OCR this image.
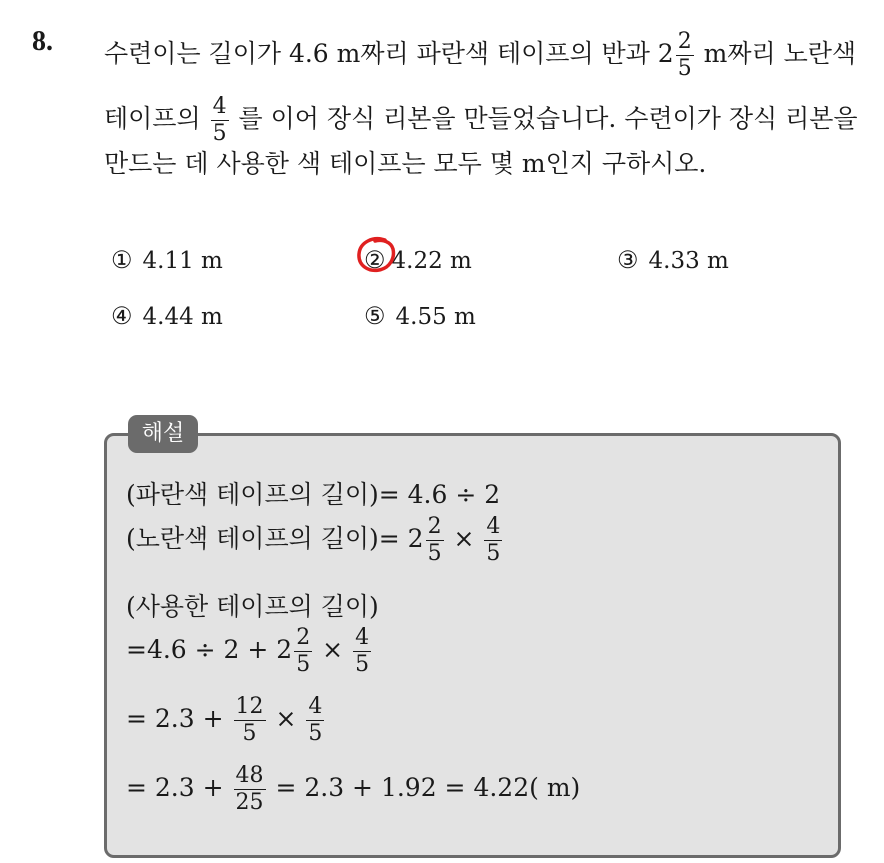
8. 수련이는 길이가 4.6 m짜리 파란색 테이프의 반과 $2 \frac{2}{5}$ m짜리 노란색
테이프의 $\frac{4}{5}$ 를 이어 장식 리본을 만들었습니다. 수련이가 장식 리본을
만드는 데 사용한 색 테이프는 모두 몇 m인지 구하시오.
① 4.11 m	② 4.22 m	③ 4.33 m
④ 4.44 m	⑤ 4.55 m
해설
(파란색 테이프의 길이)= 4.6 ÷ 2
(노란색 테이프의 길이)= $2 \frac{2}{5} \times \frac{4}{5}$
(사용한 테이프의 길이)
$=4.6 \div 2 + 2 \frac{2}{5} \times \frac{4}{5}$
= $2.3 + \frac{12}{5} \times \frac{4}{5}$
= $2.3 + \frac{48}{25} = 2.3 + 1.92 = 4.22$( m)
